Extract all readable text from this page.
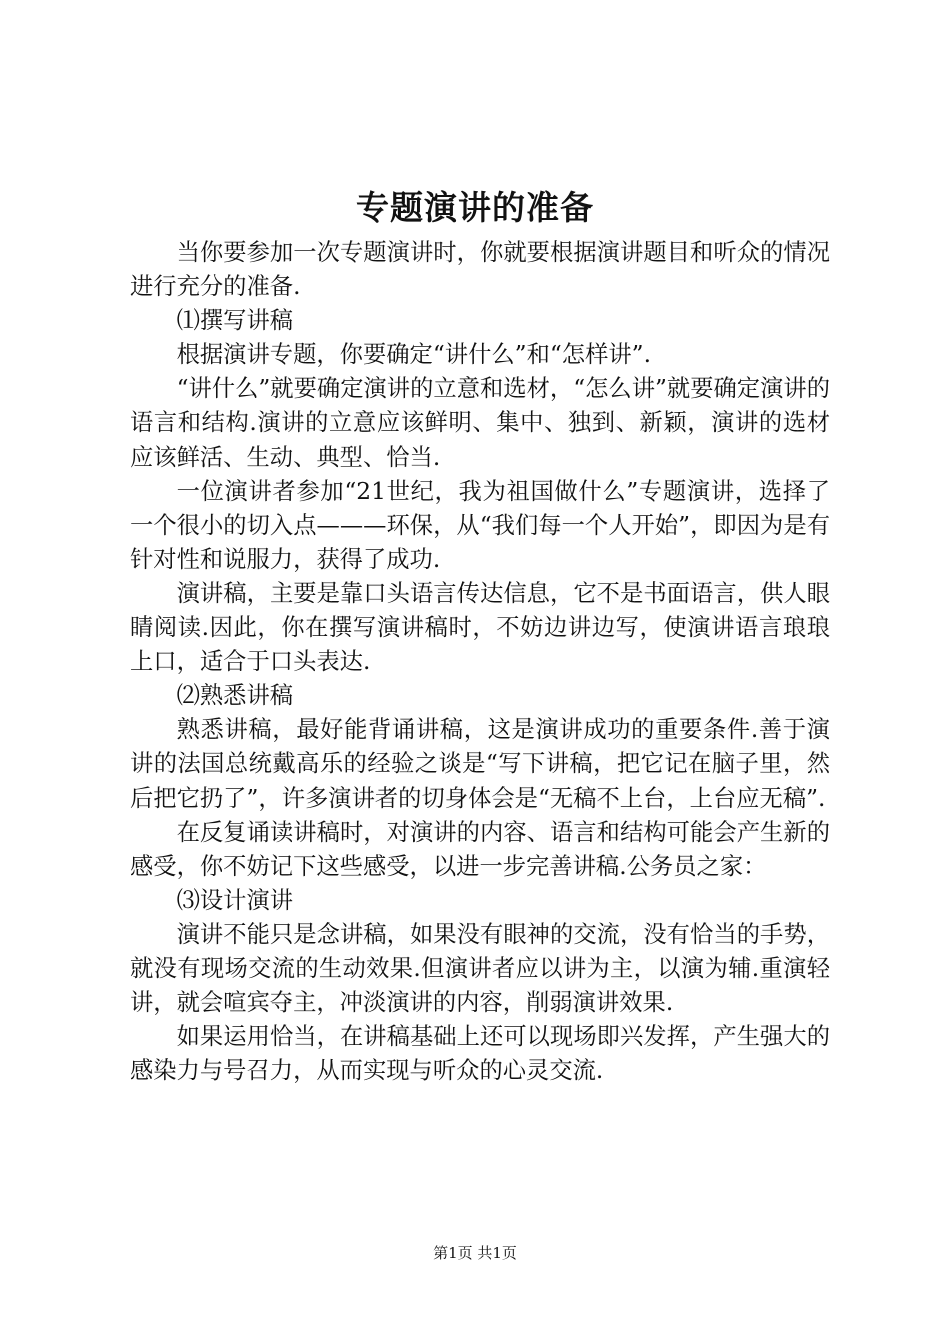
专题演讲的准备

当你要参加一次专题演讲时，你就要根据演讲题目和听众的情况进行充分的准备.

⑴撰写讲稿

根据演讲专题，你要确定“讲什么”和“怎样讲”.

“讲什么”就要确定演讲的立意和选材，“怎么讲”就要确定演讲的语言和结构.演讲的立意应该鲜明、集中、独到、新颖，演讲的选材应该鲜活、生动、典型、恰当.

一位演讲者参加“21世纪，我为祖国做什么”专题演讲，选择了一个很小的切入点———环保，从“我们每一个人开始”，即因为是有针对性和说服力，获得了成功.

演讲稿，主要是靠口头语言传达信息，它不是书面语言，供人眼睛阅读.因此，你在撰写演讲稿时，不妨边讲边写，使演讲语言琅琅上口，适合于口头表达.

⑵熟悉讲稿

熟悉讲稿，最好能背诵讲稿，这是演讲成功的重要条件.善于演讲的法国总统戴高乐的经验之谈是“写下讲稿，把它记在脑子里，然后把它扔了”，许多演讲者的切身体会是“无稿不上台，上台应无稿”.

在反复诵读讲稿时，对演讲的内容、语言和结构可能会产生新的感受，你不妨记下这些感受，以进一步完善讲稿.公务员之家：

⑶设计演讲

演讲不能只是念讲稿，如果没有眼神的交流，没有恰当的手势，就没有现场交流的生动效果.但演讲者应以讲为主，以演为辅.重演轻讲，就会喧宾夺主，冲淡演讲的内容，削弱演讲效果.

如果运用恰当，在讲稿基础上还可以现场即兴发挥，产生强大的感染力与号召力，从而实现与听众的心灵交流.

第1页 共1页
